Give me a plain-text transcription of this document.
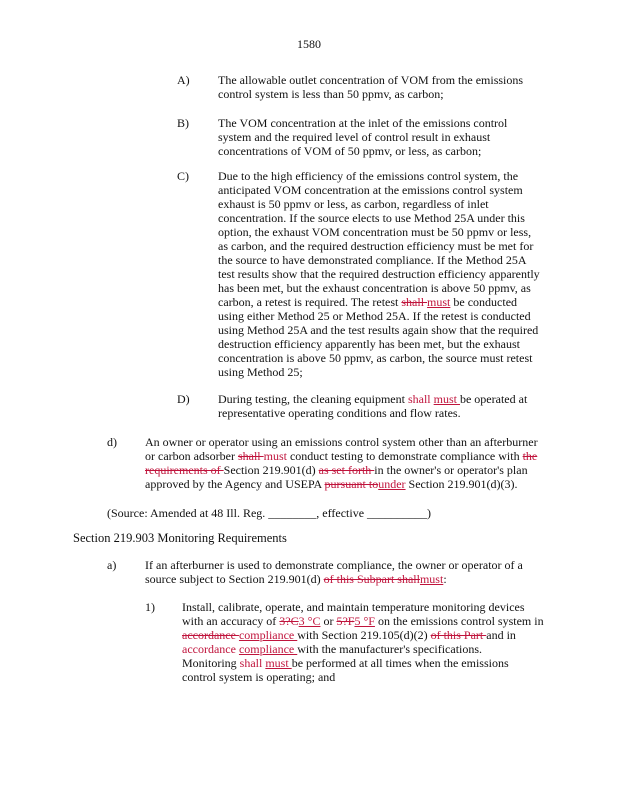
1580
The allowable outlet concentration of VOM from the emissions
control system is less than 50 ppmv, as carbon;
The VOM concentration at the inlet of the emissions control
system and the required level of control result in exhaust
concentrations of VOM of 50 ppmv, or less, as carbon;
Due to the high efficiency of the emissions control system, the
anticipated VOM concentration at the emissions control system
exhaust is 50 ppmv or less, as carbon, regardless of inlet
concentration. If the source elects to use Method 25A under this
option, the exhaust VOM concentration must be 50 ppmv or less,
as carbon, and the required destruction efficiency must be met for
the source to have demonstrated compliance. If the Method 25A
test results show that the required destruction efficiency apparently
has been met, but the exhaust concentration is above 50 ppmv, as
carbon, a retest is required. The retest shall must be conducted
using either Method 25 or Method 25A. If the retest is conducted
using Method 25A and the test results again show that the required
destruction efficiency apparently has been met, but the exhaust
concentration is above 50 ppmv, as carbon, the source must retest
using Method 25;
During testing, the cleaning equipment shall must be operated at
representative operating conditions and flow rates.
d) An owner or operator using an emissions control system other than an afterburner
or carbon adsorber shall must conduct testing to demonstrate compliance with the
requirements of Section 219.901(d) as set forth in the owner's or operator's plan
approved by the Agency and USEPA pursuant tounder Section 219.901(d)(3).
(Source: Amended at 48 Ill. Reg. ________, effective __________)
Section 219.903 Monitoring Requirements
a) If an afterburner is used to demonstrate compliance, the owner or operator of a
source subject to Section 219.901(d) of this Subpart shallmust:
1) Install, calibrate, operate, and maintain temperature monitoring devices
with an accuracy of 3?C3 °C or 5?F5 °F on the emissions control system in
accordance compliance with Section 219.105(d)(2) of this Part and in
accordance compliance with the manufacturer's specifications.
Monitoring shall must be performed at all times when the emissions
control system is operating; and
A)
B)
C)
D)
